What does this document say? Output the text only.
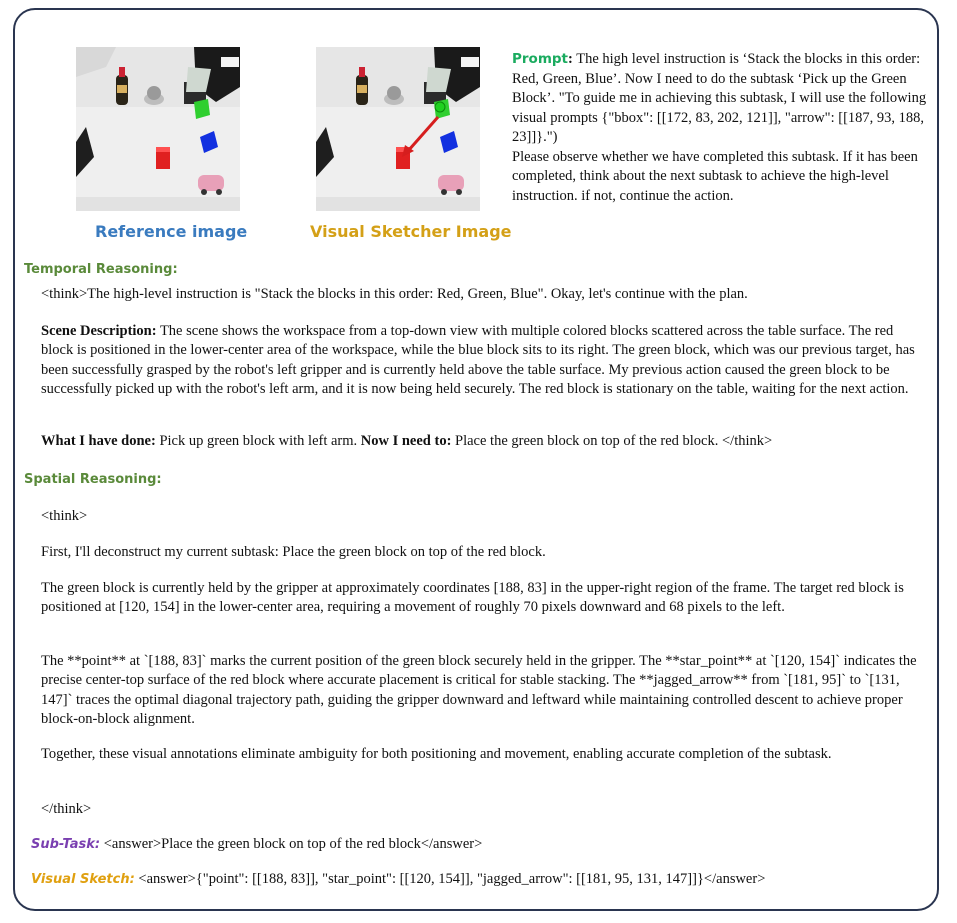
Reference image	Visual Sketcher Image
Prompt: The high level instruction is ‘Stack the blocks in this order: Red, Green, Blue’. Now I need to do the subtask ‘Pick up the Green Block’. "To guide me in achieving this subtask, I will use the following visual prompts {"bbox": [[172, 83, 202, 121]], "arrow": [[187, 93, 188, 23]]}.")
Please observe whether we have completed this subtask. If it has been completed, think about the next subtask to achieve the high-level instruction. if not, continue the action.
Temporal Reasoning:
<think>The high-level instruction is "Stack the blocks in this order: Red, Green, Blue". Okay, let's continue with the plan.
Scene Description: The scene shows the workspace from a top-down view with multiple colored blocks scattered across the table surface. The red block is positioned in the lower-center area of the workspace, while the blue block sits to its right. The green block, which was our previous target, has been successfully grasped by the robot's left gripper and is currently held above the table surface. My previous action caused the green block to be successfully picked up with the robot's left arm, and it is now being held securely. The red block is stationary on the table, waiting for the next action.
What I have done: Pick up green block with left arm. Now I need to: Place the green block on top of the red block. </think>
Spatial Reasoning:
<think>
First, I'll deconstruct my current subtask: Place the green block on top of the red block.
The green block is currently held by the gripper at approximately coordinates [188, 83] in the upper-right region of the frame. The target red block is positioned at [120, 154] in the lower-center area, requiring a movement of roughly 70 pixels downward and 68 pixels to the left.
The **point** at `[188, 83]` marks the current position of the green block securely held in the gripper. The **star_point** at `[120, 154]` indicates the precise center-top surface of the red block where accurate placement is critical for stable stacking. The **jagged_arrow** from `[181, 95]` to `[131, 147]` traces the optimal diagonal trajectory path, guiding the gripper downward and leftward while maintaining controlled descent to achieve proper block-on-block alignment.
Together, these visual annotations eliminate ambiguity for both positioning and movement, enabling accurate completion of the subtask.
</think>
Sub-Task: <answer>Place the green block on top of the red block</answer>
Visual Sketch: <answer>{"point": [[188, 83]], "star_point": [[120, 154]], "jagged_arrow": [[181, 95, 131, 147]]}</answer>
